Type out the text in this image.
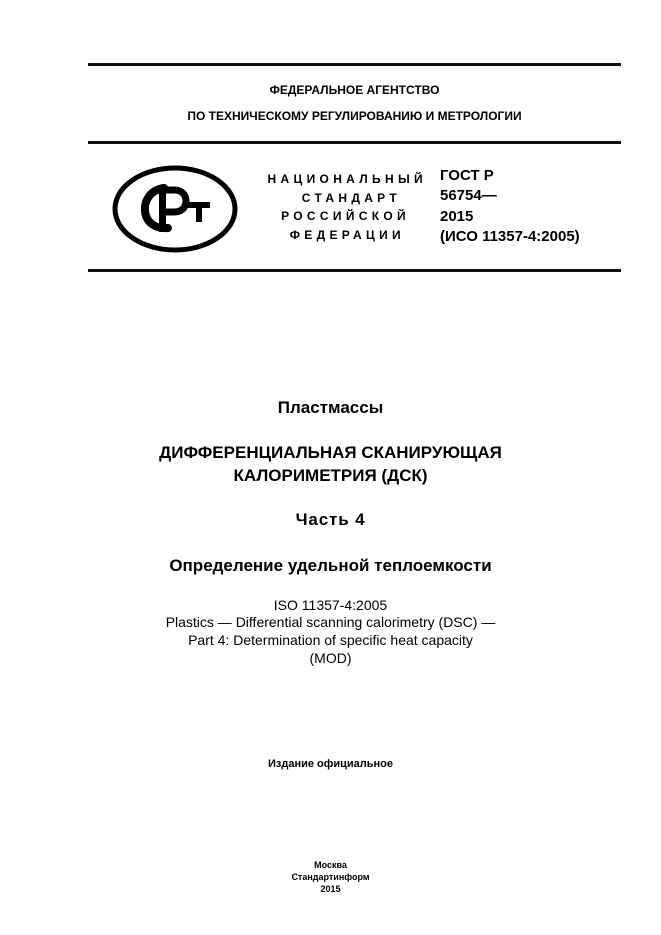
ФЕДЕРАЛЬНОЕ АГЕНТСТВО
ПО ТЕХНИЧЕСКОМУ РЕГУЛИРОВАНИЮ И МЕТРОЛОГИИ
НАЦИОНАЛЬНЫЙ
СТАНДАРТ
РОССИЙСКОЙ
ФЕДЕРАЦИИ
ГОСТ Р
56754—
2015
(ИСО 11357-4:2005)
Пластмассы
ДИФФЕРЕНЦИАЛЬНАЯ СКАНИРУЮЩАЯ
КАЛОРИМЕТРИЯ (ДСК)
Часть 4
Определение удельной теплоемкости
ISO 11357-4:2005
Plastics — Differential scanning calorimetry (DSC) —
Part 4: Determination of specific heat capacity
(MOD)
Издание официальное
Москва
Стандартинформ
2015
